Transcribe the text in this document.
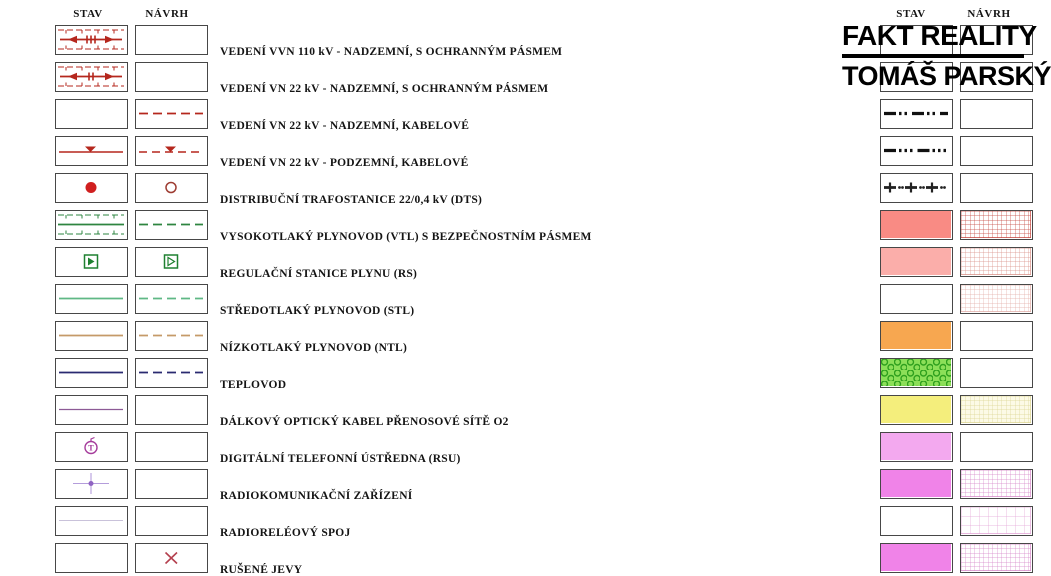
STAV	NÁVRH	STAV	NÁVRH
VEDENÍ VVN 110 kV - NADZEMNÍ, S OCHRANNÝM PÁSMEM
VEDENÍ VN 22 kV - NADZEMNÍ, S OCHRANNÝM PÁSMEM
VEDENÍ VN 22 kV - NADZEMNÍ, KABELOVÉ
VEDENÍ VN 22 kV - PODZEMNÍ, KABELOVÉ
DISTRIBUČNÍ TRAFOSTANICE 22/0,4 kV (DTS)
VYSOKOTLAKÝ PLYNOVOD (VTL) S BEZPEČNOSTNÍM PÁSMEM
REGULAČNÍ STANICE PLYNU (RS)
STŘEDOTLAKÝ PLYNOVOD (STL)
NÍZKOTLAKÝ PLYNOVOD (NTL)
TEPLOVOD
DÁLKOVÝ OPTICKÝ KABEL PŘENOSOVÉ SÍTĚ O2
T
DIGITÁLNÍ TELEFONNÍ ÚSTŘEDNA (RSU)
RADIOKOMUNIKAČNÍ ZAŘÍZENÍ
RADIORELÉOVÝ SPOJ
RUŠENÉ JEVY
FAKT REALITY
TOMÁŠ PARSKÝ
